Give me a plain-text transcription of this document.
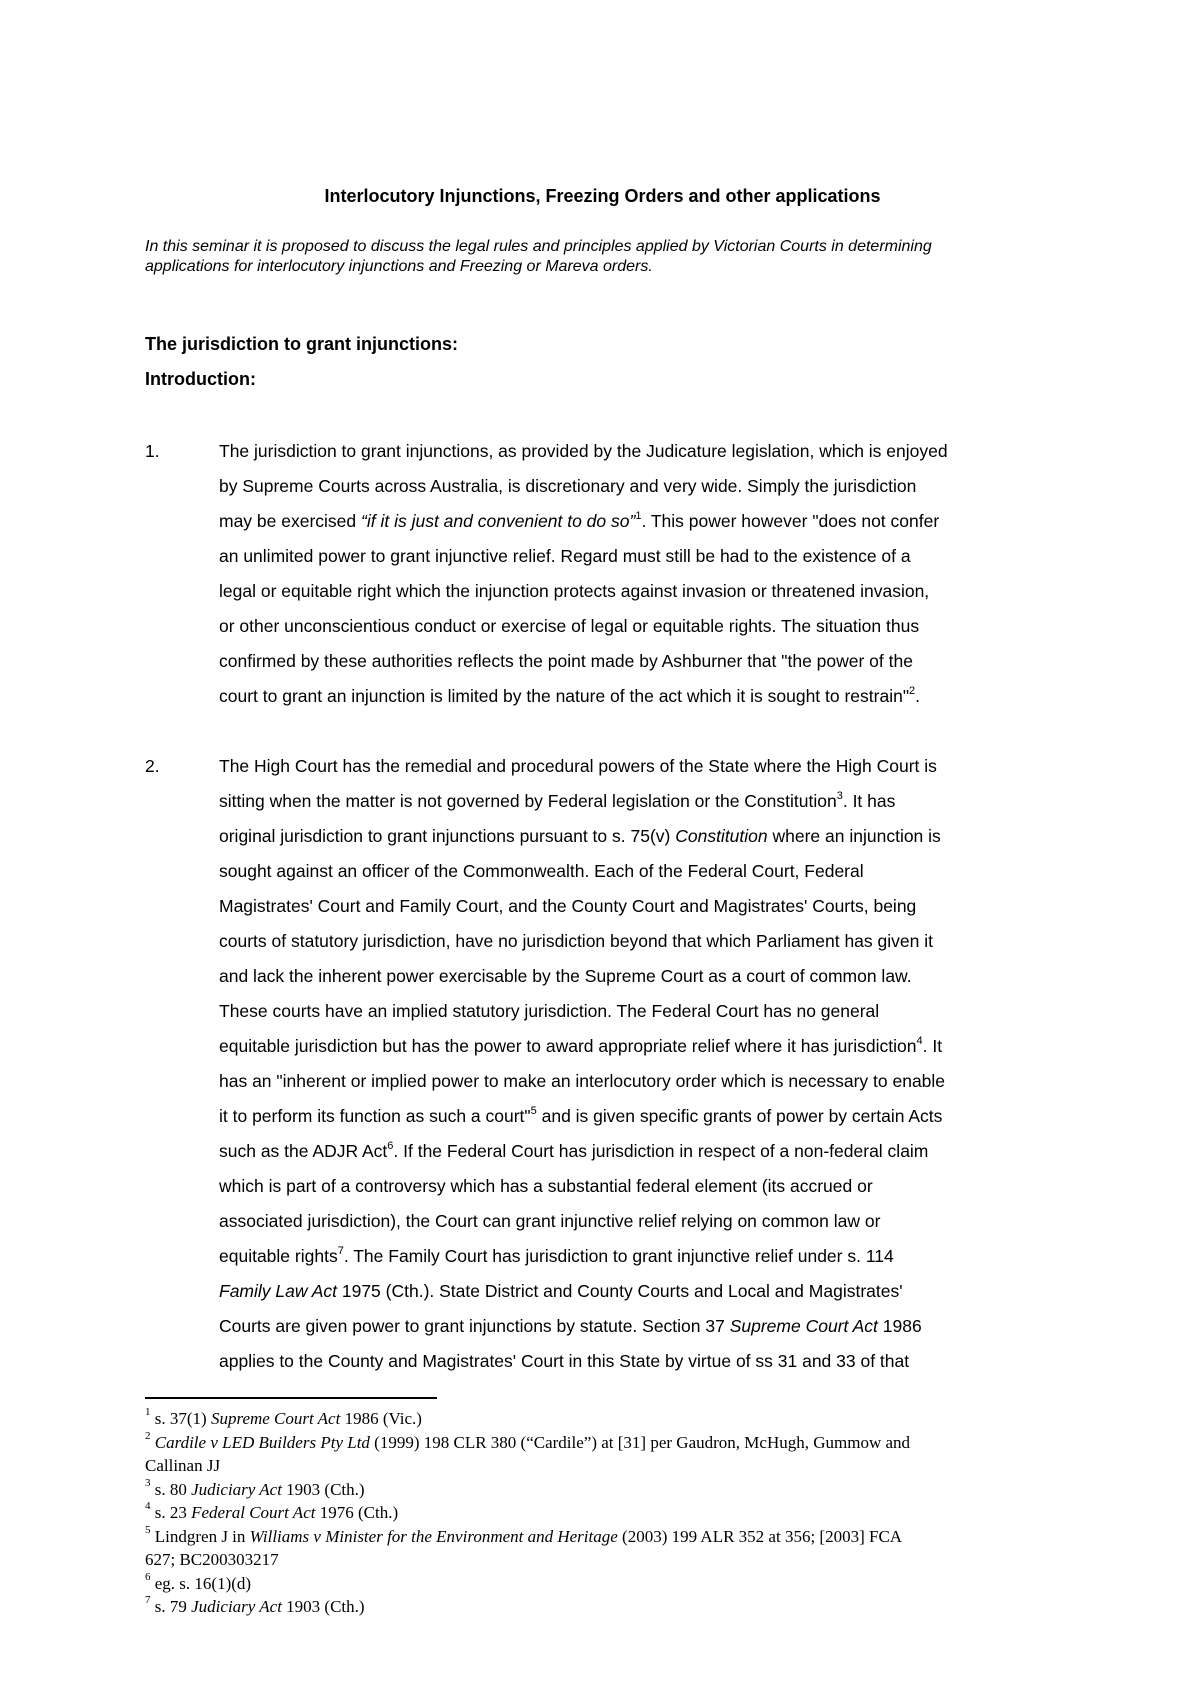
Interlocutory Injunctions, Freezing Orders and other applications
In this seminar it is proposed to discuss the legal rules and principles applied by Victorian Courts in determining
applications for interlocutory injunctions and Freezing or Mareva orders.
The jurisdiction to grant injunctions:
Introduction:
1.	The jurisdiction to grant injunctions, as provided by the Judicature legislation, which is enjoyed
by Supreme Courts across Australia, is discretionary and very wide. Simply the jurisdiction
may be exercised “if it is just and convenient to do so”$^1$. This power however "does not confer
an unlimited power to grant injunctive relief. Regard must still be had to the existence of a
legal or equitable right which the injunction protects against invasion or threatened invasion,
or other unconscientious conduct or exercise of legal or equitable rights. The situation thus
confirmed by these authorities reflects the point made by Ashburner that "the power of the
court to grant an injunction is limited by the nature of the act which it is sought to restrain"$^2$.
2.	The High Court has the remedial and procedural powers of the State where the High Court is
sitting when the matter is not governed by Federal legislation or the Constitution$^3$. It has
original jurisdiction to grant injunctions pursuant to s. 75(v) Constitution where an injunction is
sought against an officer of the Commonwealth. Each of the Federal Court, Federal
Magistrates' Court and Family Court, and the County Court and Magistrates' Courts, being
courts of statutory jurisdiction, have no jurisdiction beyond that which Parliament has given it
and lack the inherent power exercisable by the Supreme Court as a court of common law.
These courts have an implied statutory jurisdiction. The Federal Court has no general
equitable jurisdiction but has the power to award appropriate relief where it has jurisdiction$^4$. It
has an "inherent or implied power to make an interlocutory order which is necessary to enable
it to perform its function as such a court"$^5$ and is given specific grants of power by certain Acts
such as the ADJR Act$^6$. If the Federal Court has jurisdiction in respect of a non-federal claim
which is part of a controversy which has a substantial federal element (its accrued or
associated jurisdiction), the Court can grant injunctive relief relying on common law or
equitable rights$^7$. The Family Court has jurisdiction to grant injunctive relief under s. 114
Family Law Act 1975 (Cth.). State District and County Courts and Local and Magistrates'
Courts are given power to grant injunctions by statute. Section 37 Supreme Court Act 1986
applies to the County and Magistrates' Court in this State by virtue of ss 31 and 33 of that
$^1$ s. 37(1) Supreme Court Act 1986 (Vic.)
$^2$ Cardile v LED Builders Pty Ltd (1999) 198 CLR 380 (“Cardile”) at [31] per Gaudron, McHugh, Gummow and
Callinan JJ
$^3$ s. 80 Judiciary Act 1903 (Cth.)
$^4$ s. 23 Federal Court Act 1976 (Cth.)
$^5$ Lindgren J in Williams v Minister for the Environment and Heritage (2003) 199 ALR 352 at 356; [2003] FCA
627; BC200303217
$^6$ eg. s. 16(1)(d)
$^7$ s. 79 Judiciary Act 1903 (Cth.)
